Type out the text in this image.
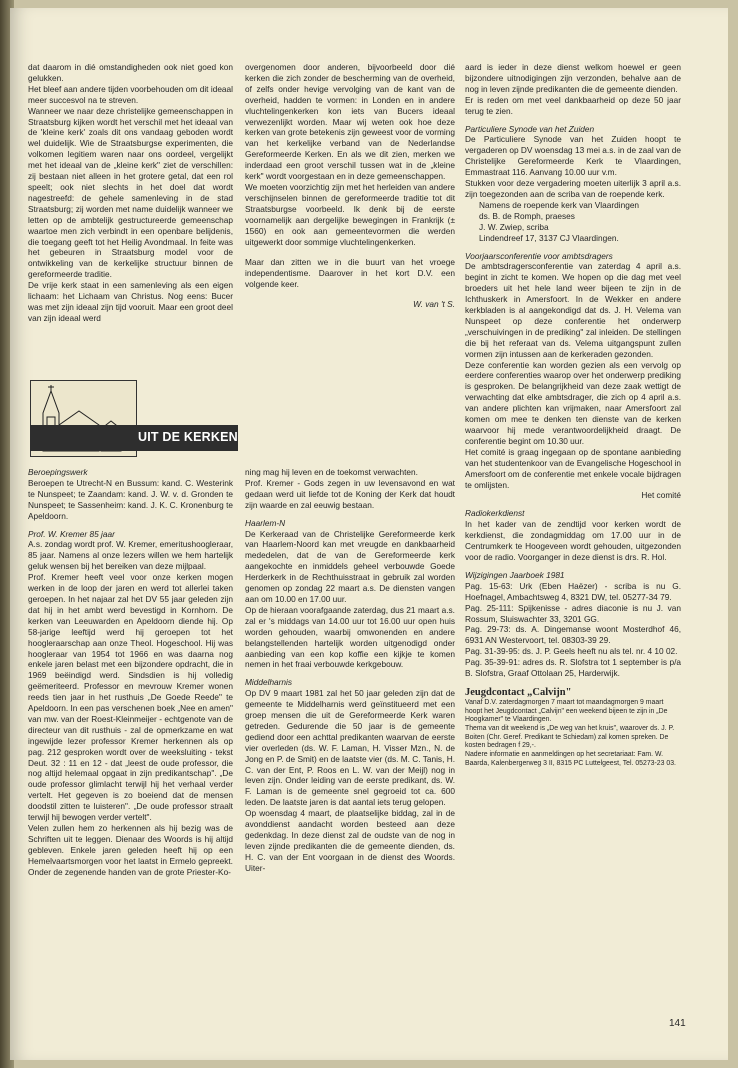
dat daarom in dié omstandigheden ook niet goed kon gelukken.

Het bleef aan andere tijden voorbehouden om dit ideaal meer succesvol na te streven.

Wanneer we naar deze christelijke gemeenschappen in Straatsburg kijken wordt het verschil met het ideaal van de 'kleine kerk' zoals dit ons vandaag geboden wordt wel duidelijk. Wie de Straatsburgse experimenten, die volkomen legitiem waren naar ons oordeel, vergelijkt met het ideaal van de „kleine kerk" ziet de verschillen: zij bestaan niet alleen in het grotere getal, dat een rol speelt; ook niet slechts in het doel dat wordt nagestreefd: de gehele samenleving in de stad Straatsburg; zij worden met name duidelijk wanneer we letten op de ambtelijk gestructureerde gemeenschap waartoe men zich verbindt in een openbare belijdenis, die toegang geeft tot het Heilig Avondmaal. In feite was het gebeuren in Straatsburg model voor de ontwikkeling van de kerkelijke structuur binnen de gereformeerde traditie.

De vrije kerk staat in een samenleving als een eigen lichaam: het Lichaam van Christus. Nog eens: Bucer was met zijn ideaal zijn tijd vooruit. Maar een groot deel van zijn ideaal werd

overgenomen door anderen, bijvoorbeeld door dié kerken die zich zonder de bescherming van de overheid, of zelfs onder hevige vervolging van de kant van de overheid, hadden te vormen: in Londen en in andere vluchtelingenkerken kon iets van Bucers ideaal verwezenlijkt worden. Maar wij weten ook hoe deze kerken van grote betekenis zijn geweest voor de vorming van het kerkelijke verband van de Nederlandse Gereformeerde Kerken. En als we dit zien, merken we inderdaad een groot verschil tussen wat in de „kleine kerk" wordt voorgestaan en in deze gemeenschappen.

We moeten voorzichtig zijn met het herleiden van andere verschijnselen binnen de gereformeerde traditie tot dit Straatsburgse voorbeeld. Ik denk bij de eerste voornamelijk aan dergelijke bewegingen in Frankrijk (± 1560) en ook aan gemeentevormen die werden uitgewerkt door sommige vluchtelingenkerken.

Maar dan zitten we in die buurt van het vroege independentisme. Daarover in het kort D.V. een volgende keer.

W. van 't S.

aard is ieder in deze dienst welkom hoewel er geen bijzondere uitnodigingen zijn verzonden, behalve aan de nog in leven zijnde predikanten die de gemeente dienden.

Er is reden om met veel dankbaarheid op deze 50 jaar terug te zien.

Particuliere Synode van het Zuiden

De Particuliere Synode van het Zuiden hoopt te vergaderen op DV woensdag 13 mei a.s. in de zaal van de Christelijke Gereformeerde Kerk te Vlaardingen, Emmastraat 116. Aanvang 10.00 uur v.m.

Stukken voor deze vergadering moeten uiterlijk 3 april a.s. zijn toegezonden aan de scriba van de roepende kerk.

Namens de roepende kerk van Vlaardingen

ds. B. de Romph, praeses

J. W. Zwiep, scriba

Lindendreef 17, 3137 CJ Vlaardingen.

Voorjaarsconferentie voor ambtsdragers

De ambtsdragersconferentie van zaterdag 4 april a.s. begint in zicht te komen. We hopen op die dag met veel broeders uit het hele land weer bijeen te zijn in de Ichthuskerk in Amersfoort. In de Wekker en andere kerkbladen is al aangekondigd dat ds. J. H. Velema van Nunspeet op deze conferentie het onderwerp „verschuivingen in de prediking" zal inleiden. De stellingen die bij het referaat van ds. Velema uitgangspunt zullen vormen zijn intussen aan de kerkeraden gezonden.

Deze conferentie kan worden gezien als een vervolg op eerdere conferenties waarop over het onderwerp prediking is gesproken. De belangrijkheid van deze zaak wettigt de verwachting dat elke ambtsdrager, die zich op 4 april a.s. van andere plichten kan vrijmaken, naar Amersfoort zal komen om mee te denken ten dienste van de kerken waarvoor hij mede verantwoordelijkheid draagt. De conferentie begint om 10.30 uur.

Het comité is graag ingegaan op de spontane aanbieding van het studentenkoor van de Evangelische Hogeschool in Amersfoort om de conferentie met enkele vocale bijdragen te omlijsten.

Het comité

Radiokerkdienst

In het kader van de zendtijd voor kerken wordt de kerkdienst, die zondagmiddag om 17.00 uur in de Centrumkerk te Hoogeveen wordt gehouden, uitgezonden voor de radio. Voorganger in deze dienst is drs. R. Hol.

Wijzigingen Jaarboek 1981

Pag. 15-63: Urk (Eben Haëzer) - scriba is nu G. Hoefnagel, Ambachtsweg 4, 8321 DW, tel. 05277-34 79.

Pag. 25-111: Spijkenisse - adres diaconie is nu J. van Rossum, Sluiswachter 33, 3201 GG.

Pag. 29-73: ds. A. Dingemanse woont Mosterdhof 46, 6931 AN Westervoort, tel. 08303-39 29.

Pag. 31-39-95: ds. J. P. Geels heeft nu als tel. nr. 4 10 02.

Pag. 35-39-91: adres ds. R. Slofstra tot 1 september is p/a B. Slofstra, Graaf Ottolaan 25, Harderwijk.

Jeugdcontact „Calvijn"

Vanaf D.V. zaterdagmorgen 7 maart tot maandagmorgen 9 maart hoopt het Jeugdcontact „Calvijn" een weekend bijeen te zijn in „De Hoogkamer" te Vlaardingen.

Thema van dit weekend is „De weg van het kruis", waarover ds. J. P. Boiten (Chr. Geref. Predikant te Schiedam) zal komen spreken. De kosten bedragen f 29,-.

Nadere informatie en aanmeldingen op het secretariaat: Fam. W. Baarda, Kalenbergerweg 3 II, 8315 PC Luttelgeest, Tel. 05273-23 03.

UIT DE KERKEN
Beroepingswerk

Beroepen te Utrecht-N en Bussum: kand. C. Westerink te Nunspeet; te Zaandam: kand. J. W. v. d. Gronden te Nunspeet; te Sassenheim: kand. J. K. C. Kronenburg te Apeldoorn.

Prof. W. Kremer 85 jaar

A.s. zondag wordt prof. W. Kremer, emeritushoogleraar, 85 jaar. Namens al onze lezers willen we hem hartelijk geluk wensen bij het bereiken van deze mijlpaal.

Prof. Kremer heeft veel voor onze kerken mogen werken in de loop der jaren en werd tot allerlei taken geroepen. In het najaar zal het DV 55 jaar geleden zijn dat hij in het ambt werd bevestigd in Kornhorn. De kerken van Leeuwarden en Apeldoorn diende hij. Op 58-jarige leeftijd werd hij geroepen tot het hoogleraarschap aan onze Theol. Hogeschool. Hij was hoogleraar van 1954 tot 1966 en was daarna nog enkele jaren belast met een bijzondere opdracht, die in 1969 beëindigd werd. Sindsdien is hij volledig geëmeriteerd. Professor en mevrouw Kremer wonen reeds tien jaar in het rusthuis „De Goede Reede" te Apeldoorn. In een pas verschenen boek „Nee en amen" van mw. van der Roest-Kleinmeijer - echtgenote van de directeur van dit rusthuis - zal de opmerkzame en wat ingewijde lezer professor Kremer herkennen als op pag. 212 gesproken wordt over de weeksluiting - tekst Deut. 32 : 11 en 12 - dat „leest de oude professor, die nog altijd helemaal opgaat in zijn predikantschap". „De oude professor glimlacht terwijl hij het verhaal verder vertelt. Het gegeven is zo boeiend dat de mensen doodstil zitten te luisteren". „De oude professor straalt terwijl hij bewogen verder vertelt".

Velen zullen hem zo herkennen als hij bezig was de Schriften uit te leggen. Dienaar des Woords is hij altijd gebleven. Enkele jaren geleden heeft hij op een Hemelvaartsmorgen voor het laatst in Ermelo gepreekt. Onder de zegenende handen van de grote Priester-Ko-

ning mag hij leven en de toekomst verwachten.

Prof. Kremer - Gods zegen in uw levensavond en wat gedaan werd uit liefde tot de Koning der Kerk dat houdt zijn waarde en zal eeuwig bestaan.

Haarlem-N

De Kerkeraad van de Christelijke Gereformeerde kerk van Haarlem-Noord kan met vreugde en dankbaarheid mededelen, dat de van de Gereformeerde kerk aangekochte en inmiddels geheel verbouwde Goede Herderkerk in de Rechthuisstraat in gebruik zal worden genomen op zondag 22 maart a.s. De diensten vangen aan om 10.00 en 17.00 uur.

Op de hieraan voorafgaande zaterdag, dus 21 maart a.s. zal er 's middags van 14.00 uur tot 16.00 uur open huis worden gehouden, waarbij omwonenden en andere belangstellenden hartelijk worden uitgenodigd onder aanbieding van een kop koffie een kijkje te komen nemen in het fraai verbouwde kerkgebouw.

Middelharnis

Op DV 9 maart 1981 zal het 50 jaar geleden zijn dat de gemeente te Middelharnis werd geïnstitueerd met een groep mensen die uit de Gereformeerde Kerk waren getreden. Gedurende die 50 jaar is de gemeente gediend door een achttal predikanten waarvan de eerste vier overleden (ds. W. F. Laman, H. Visser Mzn., N. de Jong en P. de Smit) en de laatste vier (ds. M. C. Tanis, H. C. van der Ent, P. Roos en L. W. van der Meijl) nog in leven zijn. Onder leiding van de eerste predikant, ds. W. F. Laman is de gemeente snel gegroeid tot ca. 600 leden. De laatste jaren is dat aantal iets terug gelopen.

Op woensdag 4 maart, de plaatselijke biddag, zal in de avonddienst aandacht worden besteed aan deze gedenkdag. In deze dienst zal de oudste van de nog in leven zijnde predikanten die de gemeente dienden, ds. H. C. van der Ent voorgaan in de dienst des Woords. Uiter-

141
